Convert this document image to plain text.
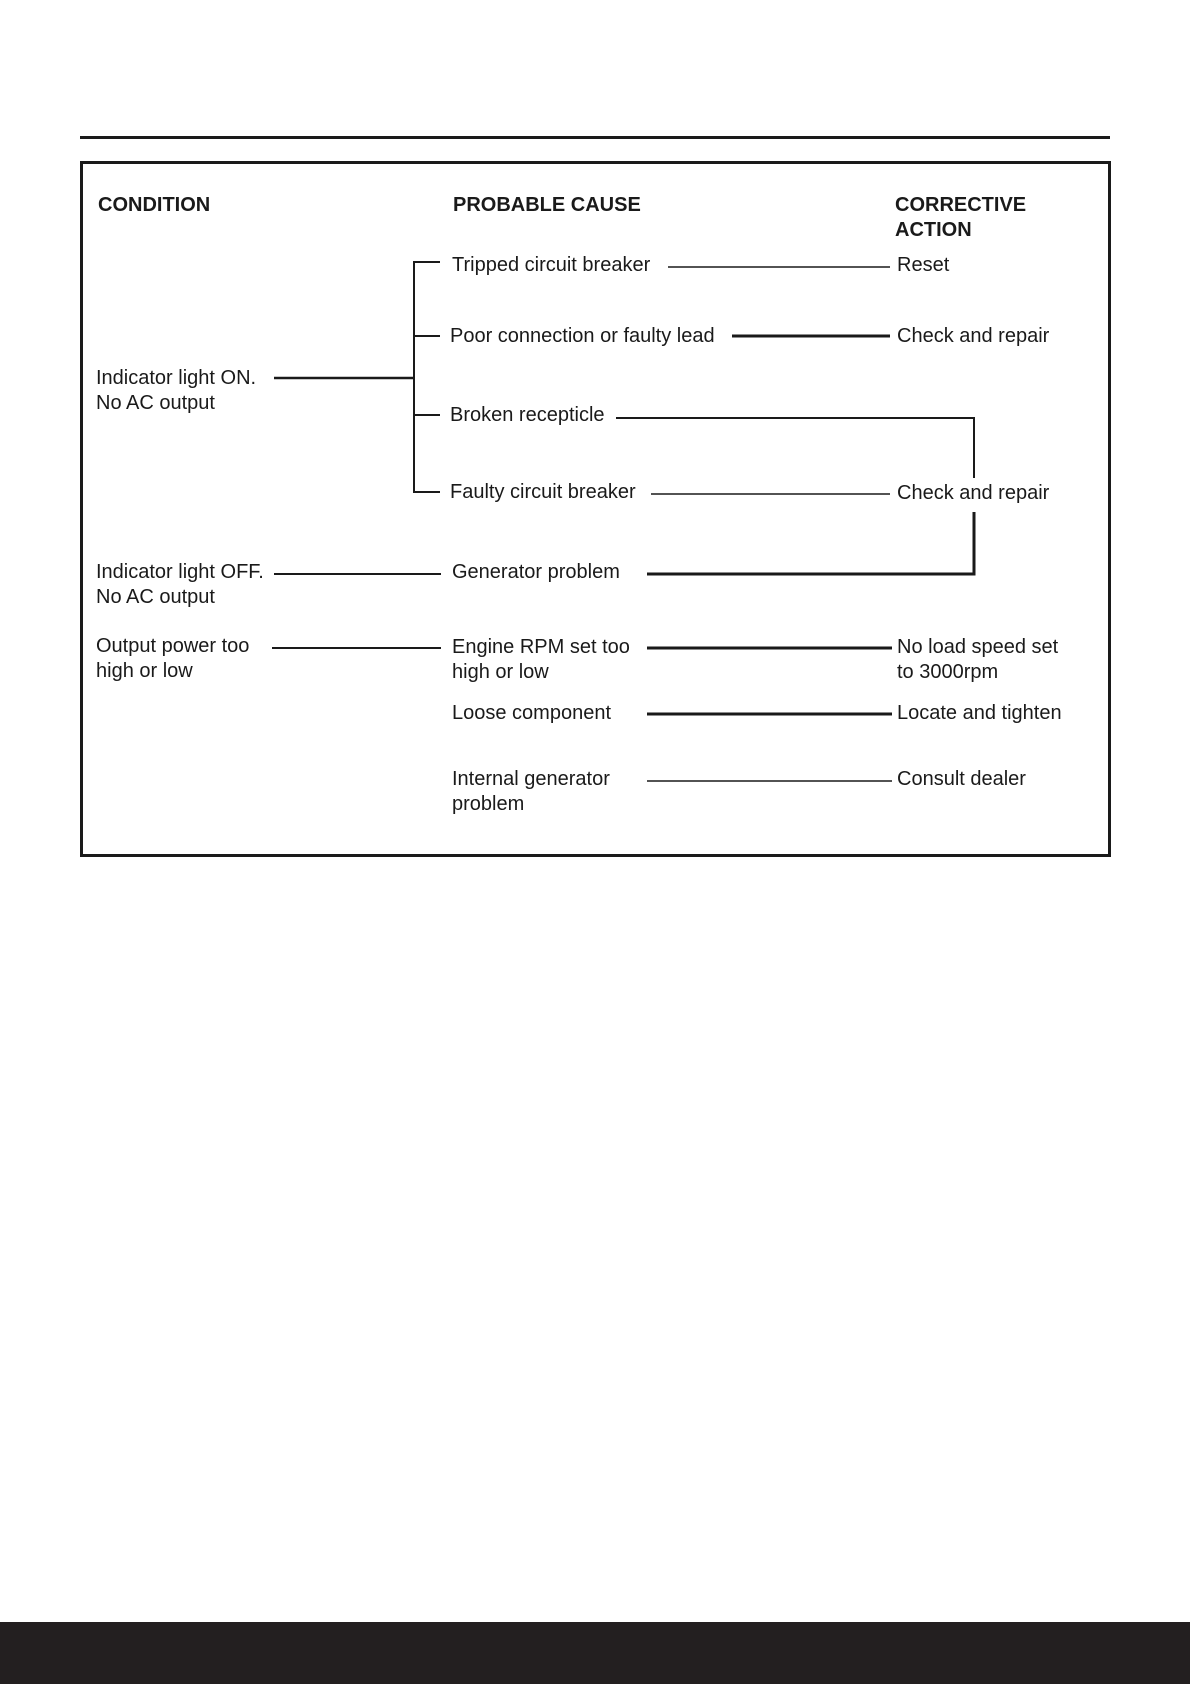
CONDITION	PROBABLE CAUSE	CORRECTIVE
ACTION

Indicator light ON.
No AC output

Indicator light OFF.
No AC output

Output power too
high or low

Tripped circuit breaker

Poor connection or faulty lead

Broken recepticle

Faulty circuit breaker

Generator problem

Engine RPM set too
high or low

Loose component

Internal generator
problem

Reset

Check and repair

Check and repair

No load speed set
to 3000rpm

Locate and tighten

Consult dealer
